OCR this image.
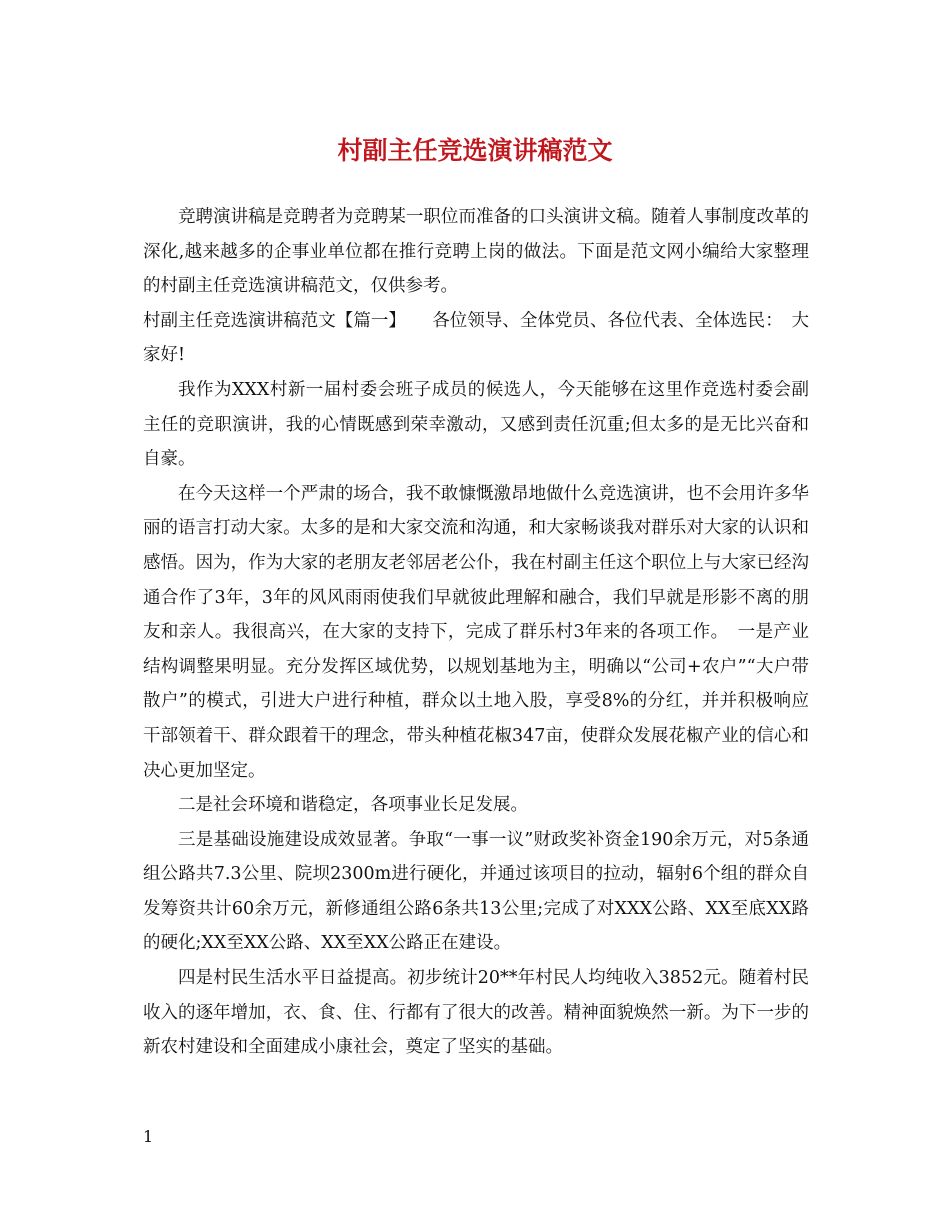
村副主任竞选演讲稿范文

竞聘演讲稿是竞聘者为竞聘某一职位而准备的口头演讲文稿。随着人事制度改革的深化,越来越多的企事业单位都在推行竞聘上岗的做法。下面是范文网小编给大家整理的村副主任竞选演讲稿范文，仅供参考。

村副主任竞选演讲稿范文【篇一】　　各位领导、全体党员、各位代表、全体选民：　大家好!

我作为XXX村新一届村委会班子成员的候选人，今天能够在这里作竞选村委会副主任的竞职演讲，我的心情既感到荣幸激动，又感到责任沉重;但太多的是无比兴奋和自豪。

在今天这样一个严肃的场合，我不敢慷慨激昂地做什么竞选演讲，也不会用许多华丽的语言打动大家。太多的是和大家交流和沟通，和大家畅谈我对群乐对大家的认识和感悟。因为，作为大家的老朋友老邻居老公仆，我在村副主任这个职位上与大家已经沟通合作了3年，3年的风风雨雨使我们早就彼此理解和融合，我们早就是形影不离的朋友和亲人。我很高兴，在大家的支持下，完成了群乐村3年来的各项工作。　一是产业结构调整果明显。充分发挥区域优势，以规划基地为主，明确以“公司+农户”“大户带散户”的模式，引进大户进行种植，群众以土地入股，享受8%的分红，并并积极响应干部领着干、群众跟着干的理念，带头种植花椒347亩，使群众发展花椒产业的信心和决心更加坚定。

二是社会环境和谐稳定，各项事业长足发展。

三是基础设施建设成效显著。争取“一事一议”财政奖补资金190余万元，对5条通组公路共7.3公里、院坝2300m进行硬化，并通过该项目的拉动，辐射6个组的群众自发筹资共计60余万元，新修通组公路6条共13公里;完成了对XXX公路、XX至底XX路的硬化;XX至XX公路、XX至XX公路正在建设。

四是村民生活水平日益提高。初步统计20**年村民人均纯收入3852元。随着村民收入的逐年增加，衣、食、住、行都有了很大的改善。精神面貌焕然一新。为下一步的新农村建设和全面建成小康社会，奠定了坚实的基础。

1
